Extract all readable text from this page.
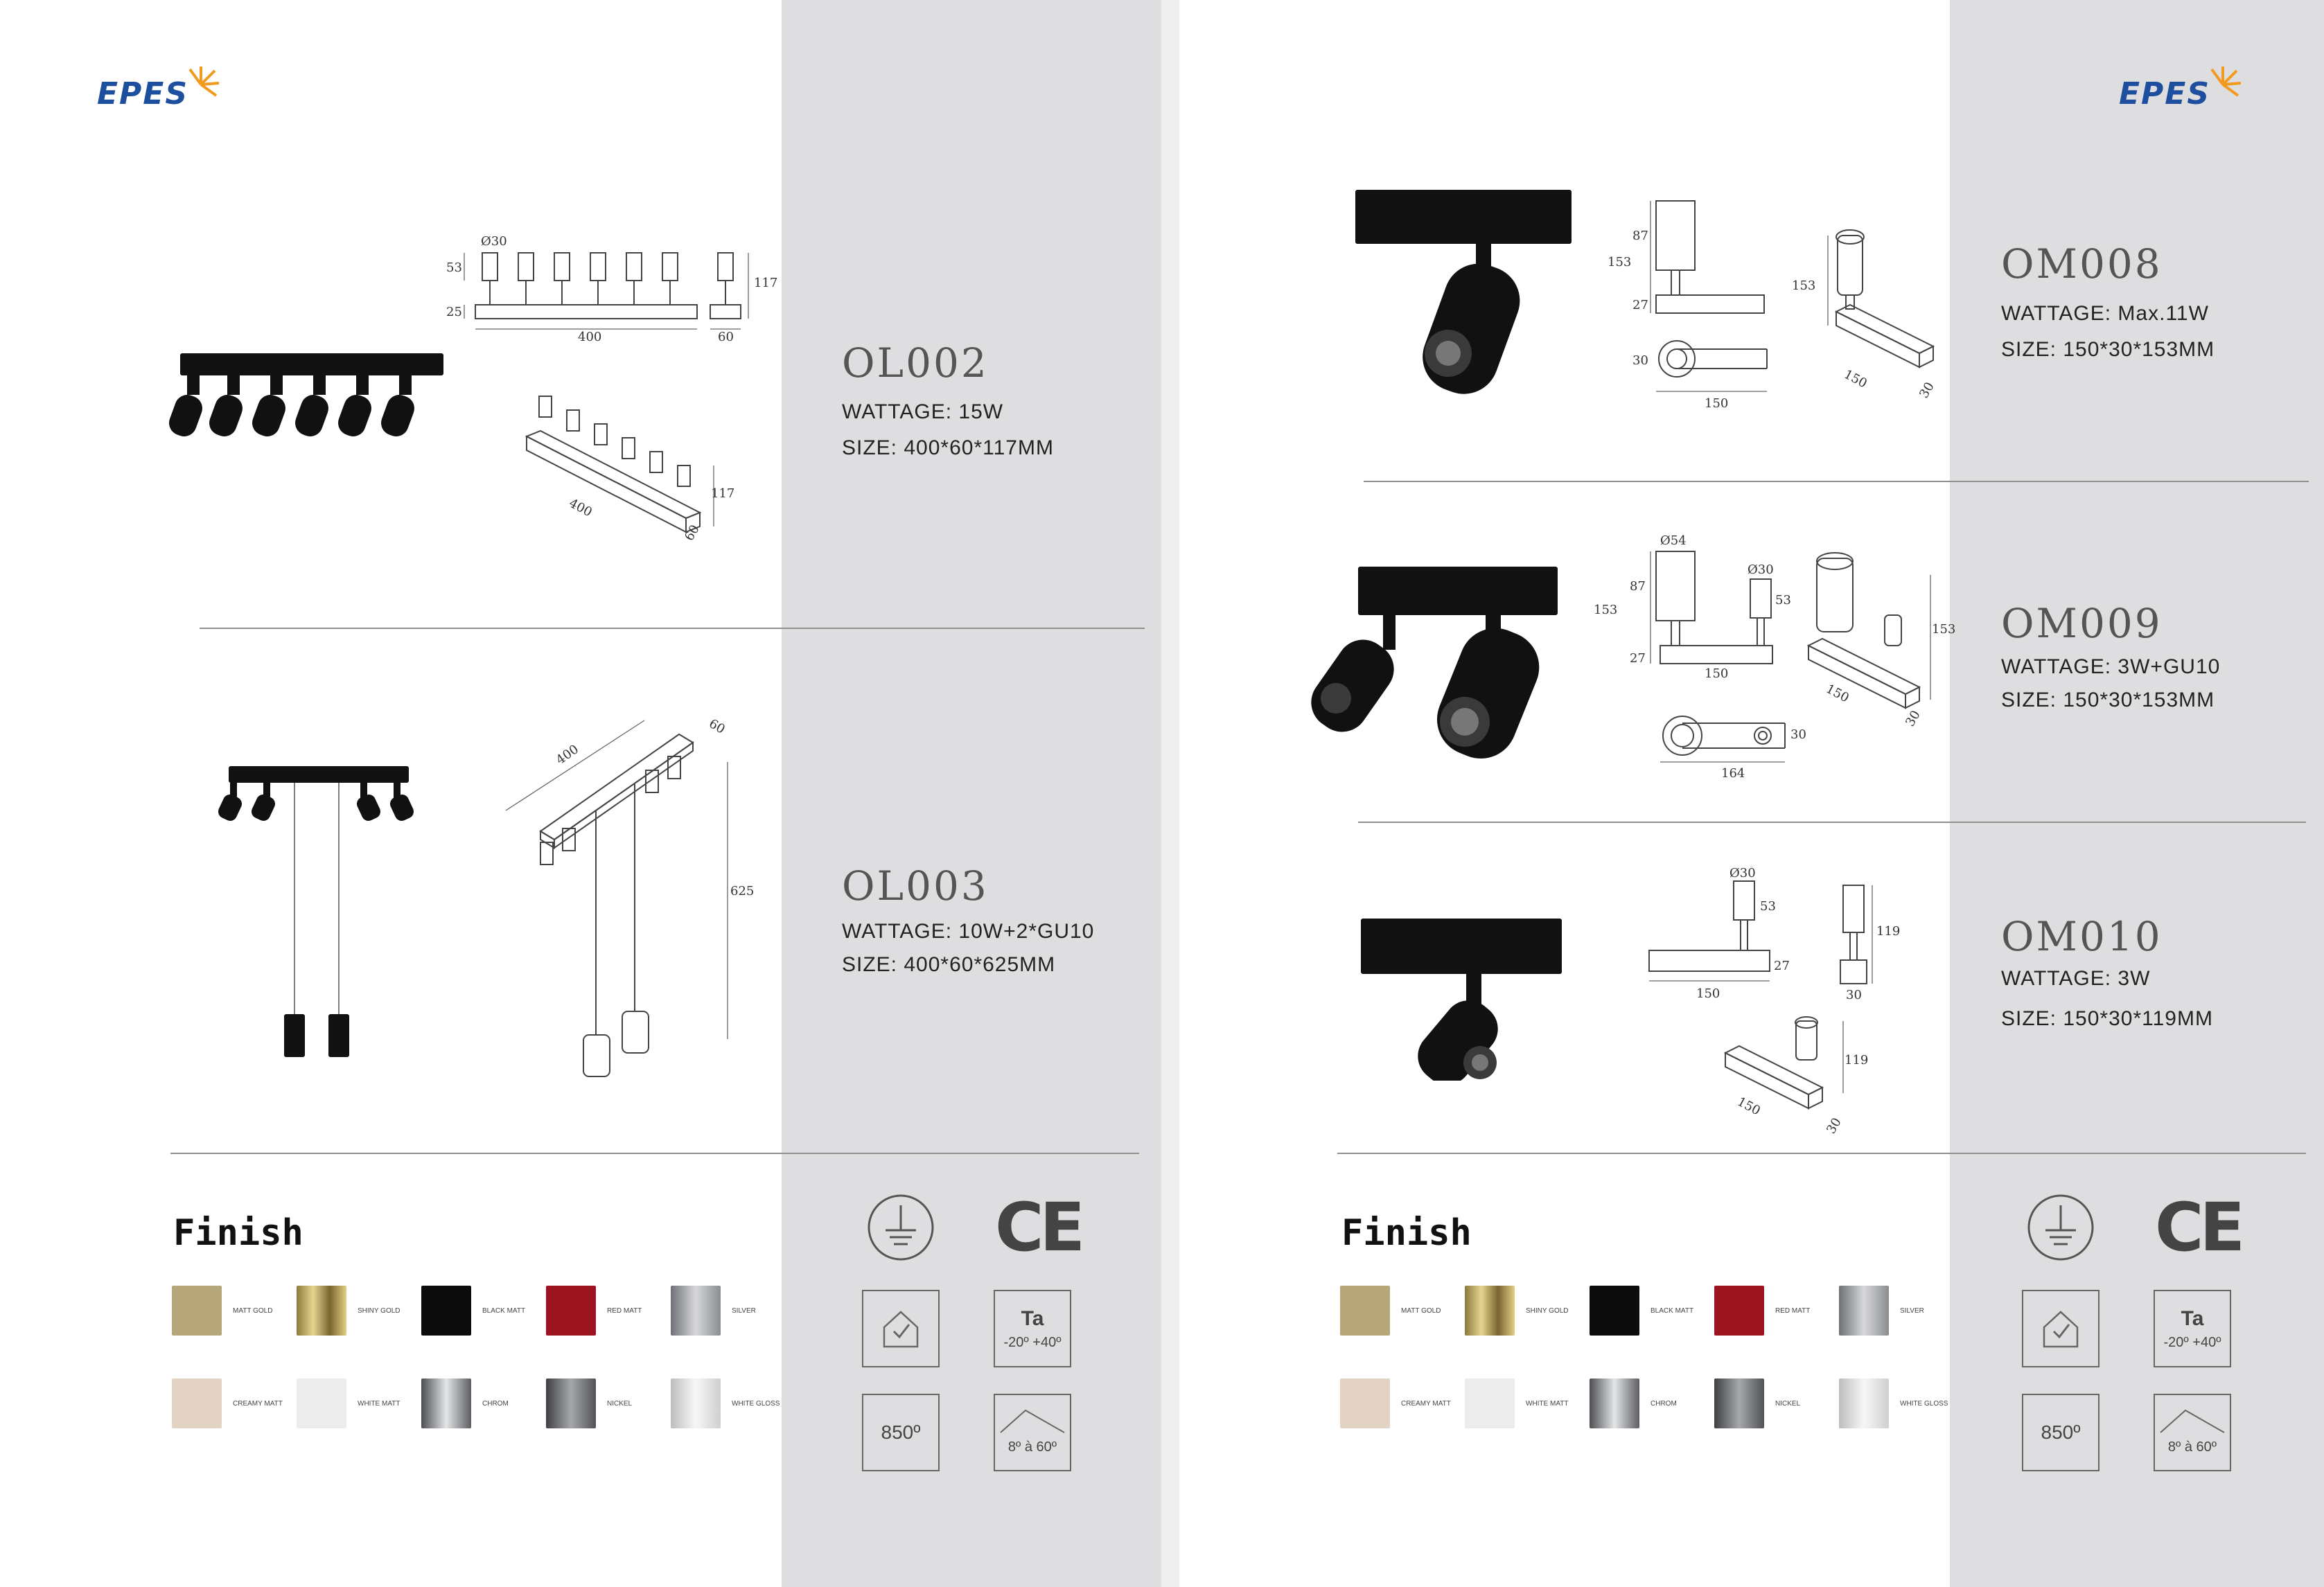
EPES
Ø30
53
25
400	60
117
117
400
60
OL002
WATTAGE: 15W
SIZE: 400*60*117MM
400
60
625 OL003
WATTAGE: 10W+2*GU10
SIZE: 400*60*625MM
Finish
MATT GOLD	SHINY GOLD	BLACK MATT	RED MATT	SILVER
CREAMY MATT	WHITE MATT	CHROM	NICKEL	WHITE GLOSS
CE
Ta
-20º +40º
850º
8º à 60º
EPES
87
27
153
30
150
153
150	30
OM008
WATTAGE: Max.11W
SIZE: 150*30*153MM
Ø54
Ø30
153
87
27
53
150
30
164
153
150
30
OM009
WATTAGE: 3W+GU10
SIZE: 150*30*153MM
Ø30
53
27
150
119
30
119
150
30
OM010
WATTAGE: 3W
SIZE: 150*30*119MM
Finish
MATT GOLD	SHINY GOLD	BLACK MATT	RED MATT	SILVER
CREAMY MATT	WHITE MATT	CHROM	NICKEL	WHITE GLOSS
CE
Ta
-20º +40º
850º
8º à 60º
